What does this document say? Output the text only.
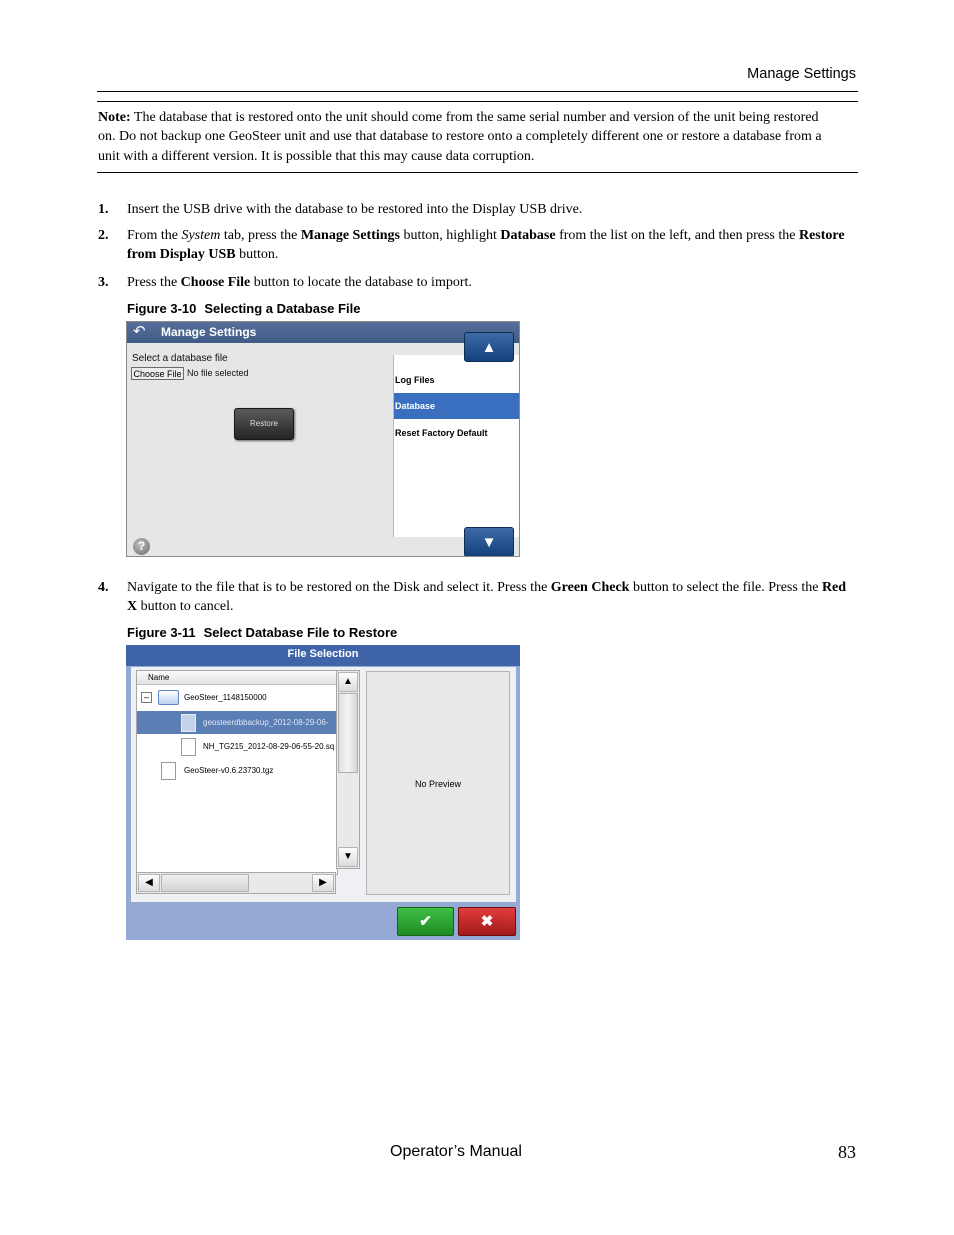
Manage Settings
Note: The database that is restored onto the unit should come from the same serial number and version of the unit being restored on. Do not backup one GeoSteer unit and use that database to restore onto a completely different one or restore a database from a unit with a different version. It is possible that this may cause data corruption.
1. Insert the USB drive with the database to be restored into the Display USB drive.
2. From the System tab, press the Manage Settings button, highlight Database from the list on the left, and then press the Restore from Display USB button.
3. Press the Choose File button to locate the database to import.
Figure 3-10 Selecting a Database File
↶	Manage Settings
Select a database file
Choose File No file selected
Restore
Log Files
Database
Reset Factory Default
▲
▼
?
4. Navigate to the file that is to be restored on the Disk and select it. Press the Green Check button to select the file. Press the Red X button to cancel.
Figure 3-11 Select Database File to Restore
File Selection
Name
–	GeoSteer_1148150000
geosteerdbbackup_2012-08-29-06-
NH_TG215_2012-08-29-06-55-20.sq
GeoSteer-v0.6.23730.tgz
▲
▼
◀	▶
No Preview
✔	✖
Operator’s Manual	83
